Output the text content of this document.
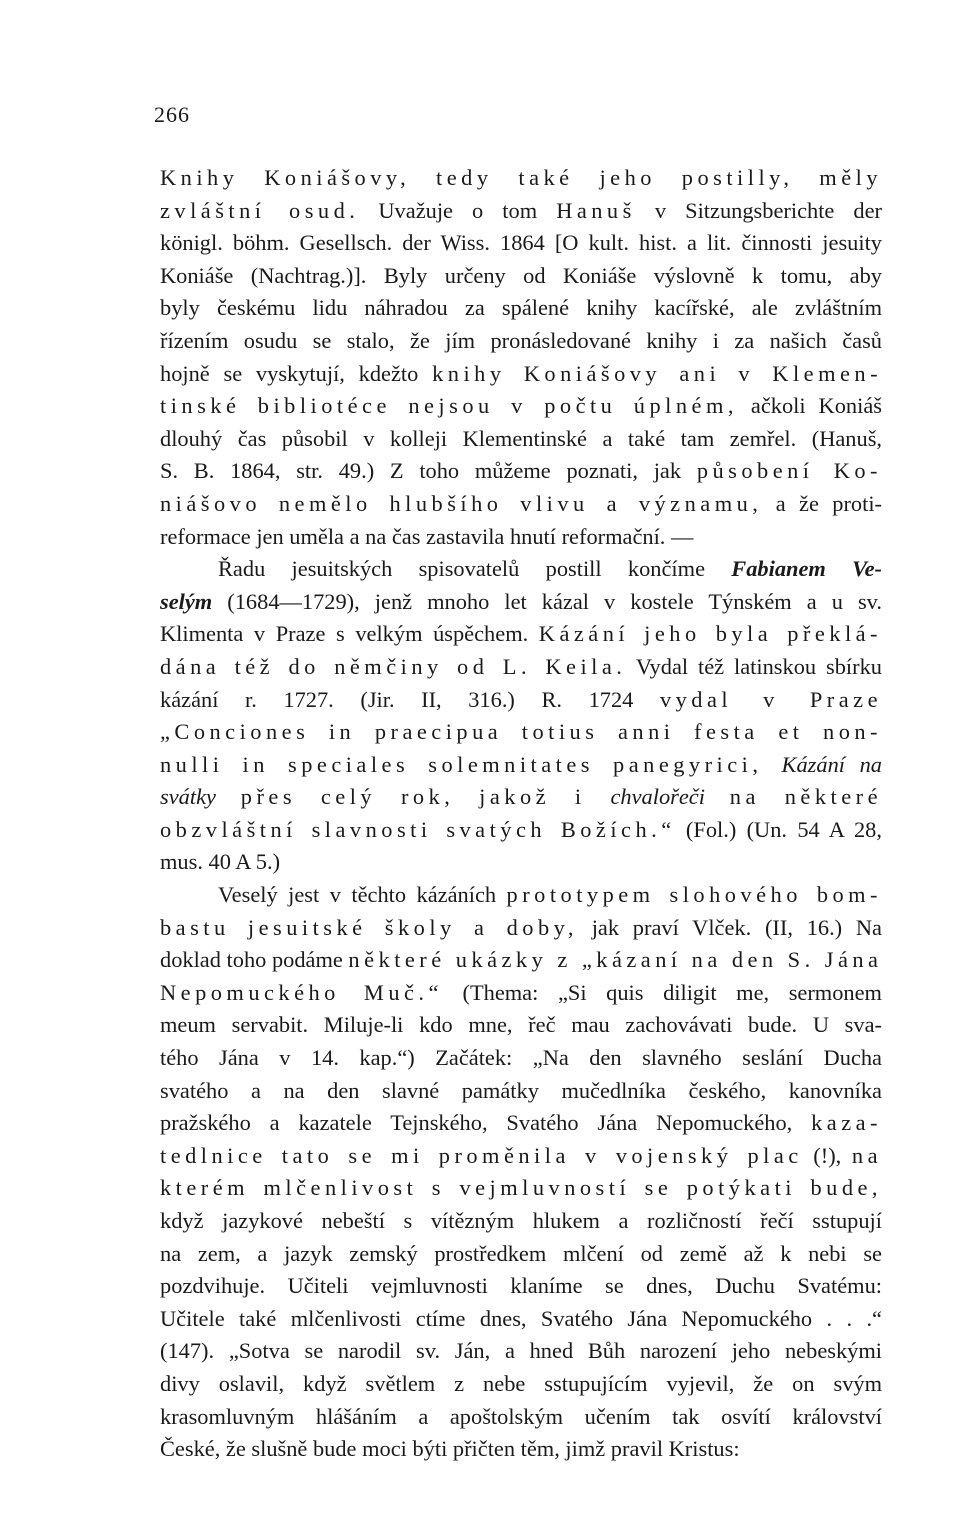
266
Knihy Koniášovy, tedy také jeho postilly, měly
zvláštní osud. Uvažuje o tom Hanuš v Sitzungsberichte der
königl. böhm. Gesellsch. der Wiss. 1864 [O kult. hist. a lit. činnosti jesuity
Koniáše (Nachtrag.)]. Byly určeny od Koniáše výslovně k tomu, aby
byly českému lidu náhradou za spálené knihy kacířské, ale zvláštním
řízením osudu se stalo, že jím pronásledované knihy i za našich časů
hojně se vyskytují, kdežto knihy Koniášovy ani v Klemen-
tinské bibliotéce nejsou v počtu úplném, ačkoli Koniáš
dlouhý čas působil v kolleji Klementinské a také tam zemřel. (Hanuš,
S. B. 1864, str. 49.) Z toho můžeme poznati, jak působení Ko-
niášovo nemělo hlubšího vlivu a významu, a že proti-
reformace jen uměla a na čas zastavila hnutí reformační. —
Řadu jesuitských spisovatelů postill končíme Fabianem Ve-
selým (1684—1729), jenž mnoho let kázal v kostele Týnském a u sv.
Klimenta v Praze s velkým úspěchem. Kázání jeho byla překlá-
dána též do němčiny od L. Keila. Vydal též latinskou sbírku
kázání r. 1727. (Jir. II, 316.) R. 1724 vydal v Praze
„Conciones in praecipua totius anni festa et non-
nulli in speciales solemnitates panegyrici, Kázání na
svátky přes celý rok, jakož i chvalořeči na některé
obzvláštní slavnosti svatých Božích.“ (Fol.) (Un. 54 A 28,
mus. 40 A 5.)
Veselý jest v těchto kázáních prototypem slohového bom-
bastu jesuitské školy a doby, jak praví Vlček. (II, 16.) Na
doklad toho podáme některé ukázky z „kázaní na den S. Jána
Nepomuckého Muč.“ (Thema: „Si quis diligit me, sermonem
meum servabit. Miluje-li kdo mne, řeč mau zachovávati bude. U sva-
tého Jána v 14. kap.“) Začátek: „Na den slavného seslání Ducha
svatého a na den slavné památky mučedlníka českého, kanovníka
pražského a kazatele Tejnského, Svatého Jána Nepomuckého, kaza-
tedlnice tato se mi proměnila v vojenský plac (!), na
kterém mlčenlivost s vejmluvností se potýkati bude,
když jazykové nebeští s vítězným hlukem a rozličností řečí sstupují
na zem, a jazyk zemský prostředkem mlčení od země až k nebi se
pozdvihuje. Učiteli vejmluvnosti klaníme se dnes, Duchu Svatému:
Učitele také mlčenlivosti ctíme dnes, Svatého Jána Nepomuckého . . .“
(147). „Sotva se narodil sv. Ján, a hned Bůh narození jeho nebeskými
divy oslavil, když světlem z nebe sstupujícím vyjevil, že on svým
krasomluvným hlášáním a apoštolským učením tak osvítí království
České, že slušně bude moci býti přičten těm, jimž pravil Kristus:
